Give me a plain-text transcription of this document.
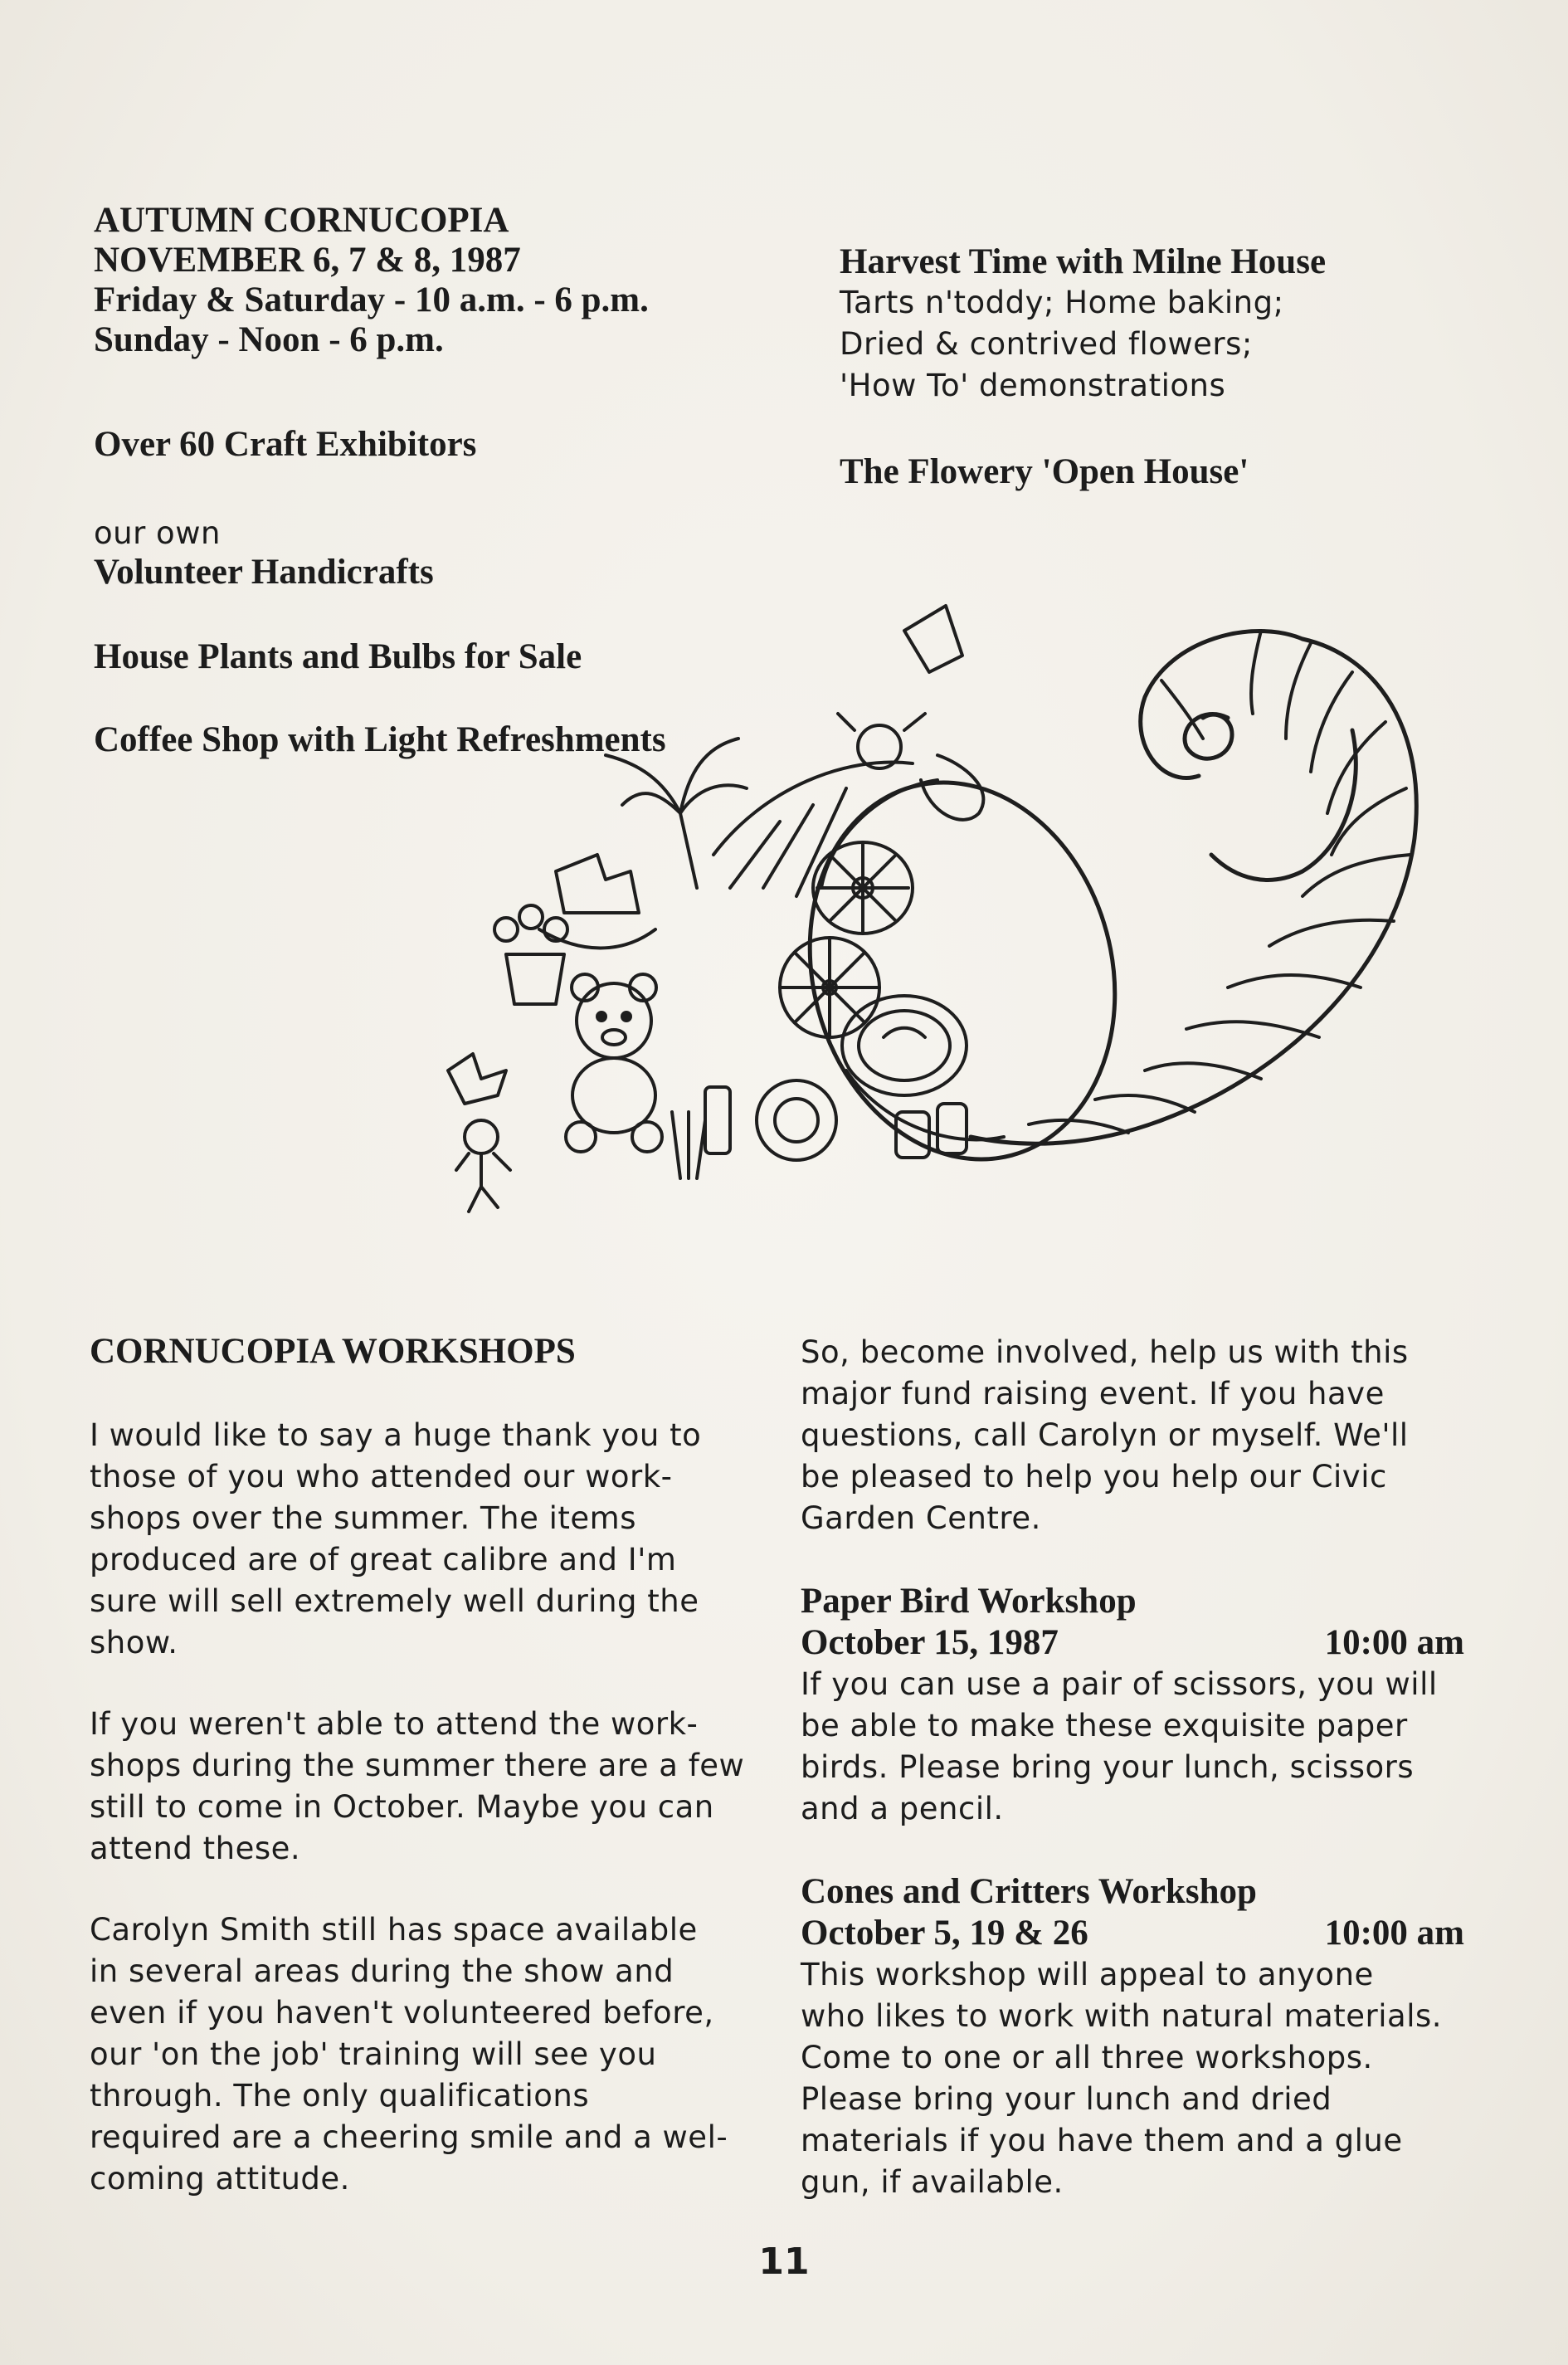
AUTUMN CORNUCOPIA
NOVEMBER 6, 7 & 8, 1987
Friday & Saturday - 10 a.m. - 6 p.m.
Sunday - Noon - 6 p.m.
Over 60 Craft Exhibitors
our own
Volunteer Handicrafts
House Plants and Bulbs for Sale
Coffee Shop with Light Refreshments
Harvest Time with Milne House
Tarts n'toddy; Home baking;
Dried & contrived flowers;
'How To' demonstrations
The Flowery 'Open House'
CORNUCOPIA WORKSHOPS
I would like to say a huge thank you to
those of you who attended our work-
shops over the summer. The items
produced are of great calibre and I'm
sure will sell extremely well during the
show.
If you weren't able to attend the work-
shops during the summer there are a few
still to come in October. Maybe you can
attend these.
Carolyn Smith still has space available
in several areas during the show and
even if you haven't volunteered before,
our 'on the job' training will see you
through. The only qualifications
required are a cheering smile and a wel-
coming attitude.
So, become involved, help us with this
major fund raising event. If you have
questions, call Carolyn or myself. We'll
be pleased to help you help our Civic
Garden Centre.
Paper Bird Workshop
October 15, 1987	10:00 am
If you can use a pair of scissors, you will
be able to make these exquisite paper
birds. Please bring your lunch, scissors
and a pencil.
Cones and Critters Workshop
October 5, 19 & 26	10:00 am
This workshop will appeal to anyone
who likes to work with natural materials.
Come to one or all three workshops.
Please bring your lunch and dried
materials if you have them and a glue
gun, if available.
11
